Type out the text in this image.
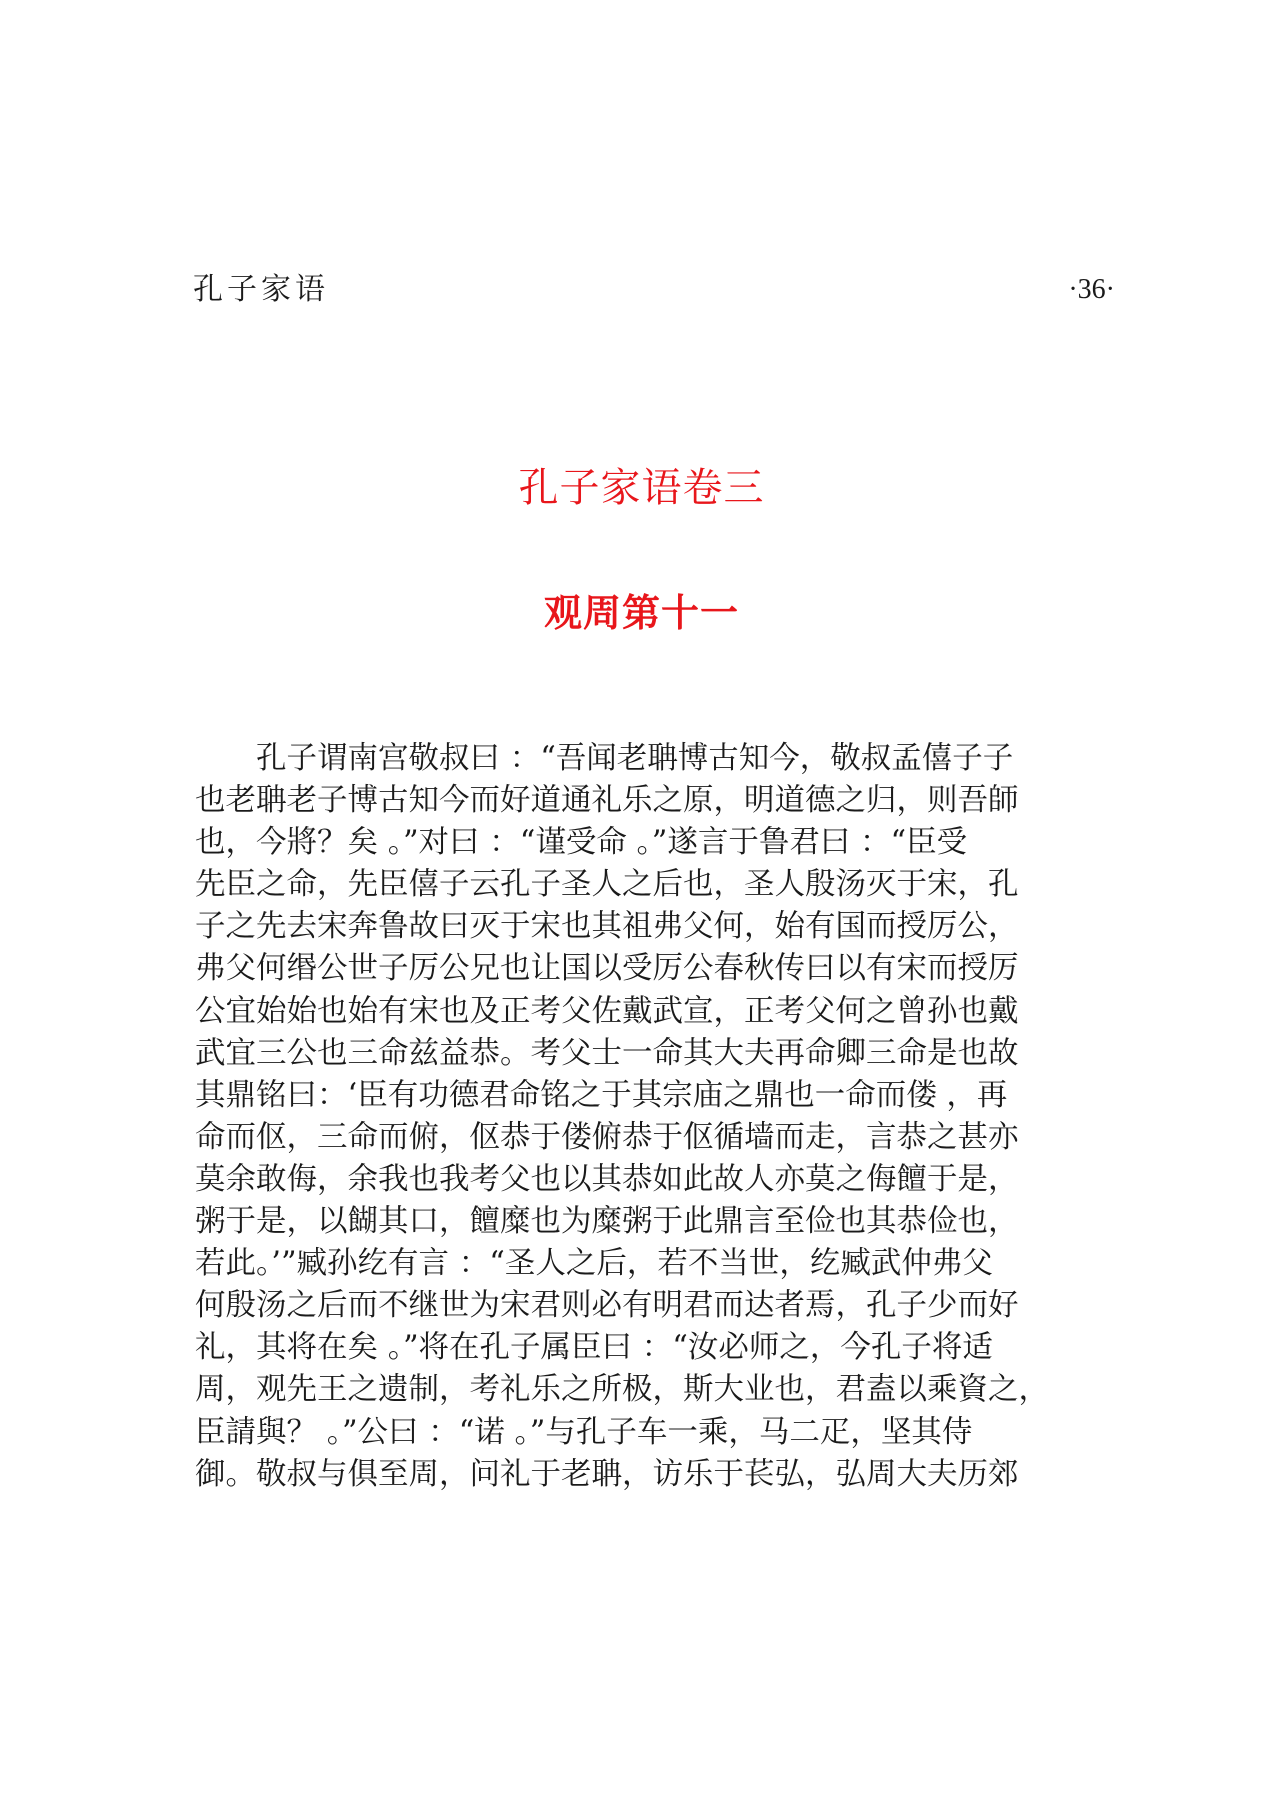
孔子家语	·36·
孔子家语卷三
观周第十一
　　孔子谓南宫敬叔曰 ：“吾闻老聃博古知今，敬叔孟僖子子
也老聃老子博古知今而好道通礼乐之原，明道德之归，则吾師
也，今將？矣 。”对曰 ：“谨受命 。”遂言于鲁君曰 ：“臣受
先臣之命，先臣僖子云孔子圣人之后也，圣人殷汤灭于宋，孔
子之先去宋奔鲁故曰灭于宋也其祖弗父何，始有国而授厉公，
弗父何缗公世子厉公兄也让国以受厉公春秋传曰以有宋而授厉
公宜始始也始有宋也及正考父佐戴武宣，正考父何之曾孙也戴
武宜三公也三命兹益恭。考父士一命其大夫再命卿三命是也故
其鼎铭曰：‘臣有功德君命铭之于其宗庙之鼎也一命而偻 ，再
命而伛，三命而俯，伛恭于偻俯恭于伛循墙而走，言恭之甚亦
莫余敢侮，余我也我考父也以其恭如此故人亦莫之侮饘于是，
粥于是，以餬其口，饘糜也为糜粥于此鼎言至俭也其恭俭也，
若此。’”臧孙纥有言 ：“圣人之后，若不当世，纥臧武仲弗父
何殷汤之后而不继世为宋君则必有明君而达者焉，孔子少而好
礼，其将在矣 。”将在孔子属臣曰 ：“汝必师之，今孔子将适
周，观先王之遗制，考礼乐之所极，斯大业也，君盍以乘資之，
臣請與？ 。”公曰 ：“诺 。”与孔子车一乘，马二疋，坚其侍
御。敬叔与俱至周，问礼于老聃，访乐于苌弘，弘周大夫历郊
